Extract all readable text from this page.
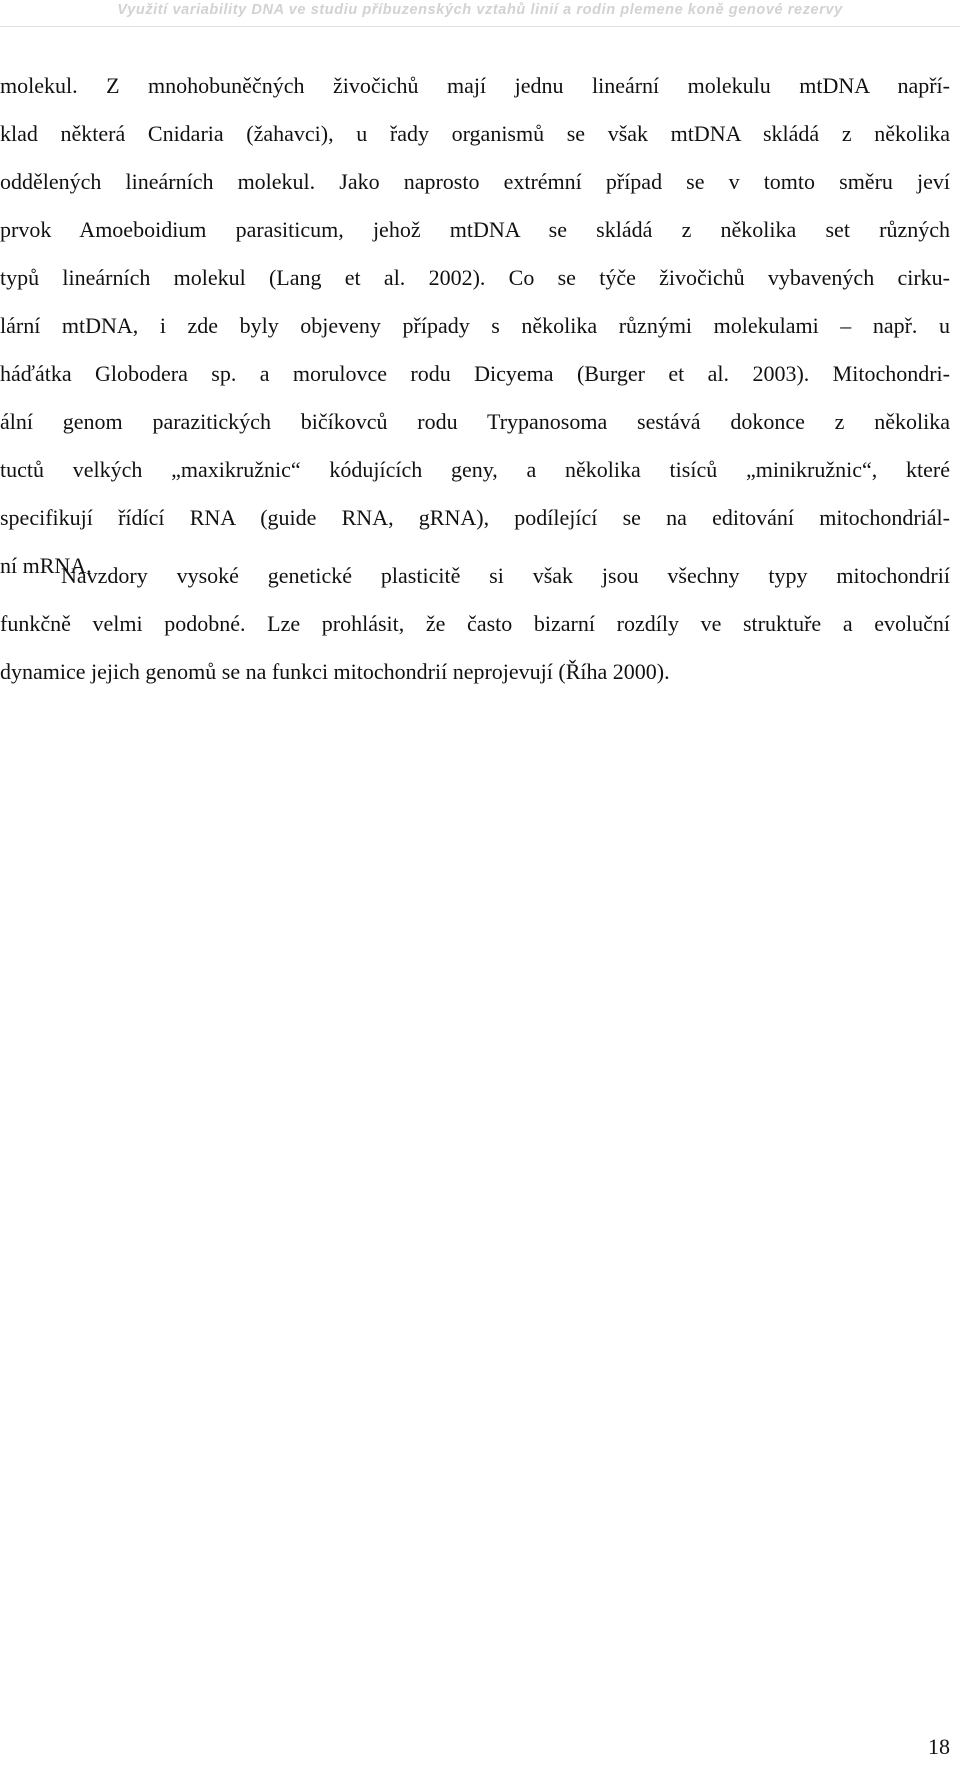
Využití variability DNA ve studiu příbuzenských vztahů linií a rodin plemene koně genové rezervy
molekul. Z mnohobuněčných živočichů mají jednu lineární molekulu mtDNA napří-
klad některá Cnidaria (žahavci), u řady organismů se však mtDNA skládá z několika
oddělených lineárních molekul. Jako naprosto extrémní případ se v tomto směru jeví
prvok Amoeboidium parasiticum, jehož mtDNA se skládá z několika set různých
typů lineárních molekul (Lang et al. 2002). Co se týče živočichů vybavených cirku-
lární mtDNA, i zde byly objeveny případy s několika různými molekulami – např. u
háďátka Globodera sp. a morulovce rodu Dicyema (Burger et al. 2003). Mitochondri-
ální genom parazitických bičíkovců rodu Trypanosoma sestává dokonce z několika
tuctů velkých „maxikružnic“ kódujících geny, a několika tisíců „minikružnic“, které
specifikují řídící RNA (guide RNA, gRNA), podílející se na editování mitochondriál-
ní mRNA.
Navzdory vysoké genetické plasticitě si však jsou všechny typy mitochondrií
funkčně velmi podobné. Lze prohlásit, že často bizarní rozdíly ve struktuře a evoluční
dynamice jejich genomů se na funkci mitochondrií neprojevují (Říha 2000).
18
